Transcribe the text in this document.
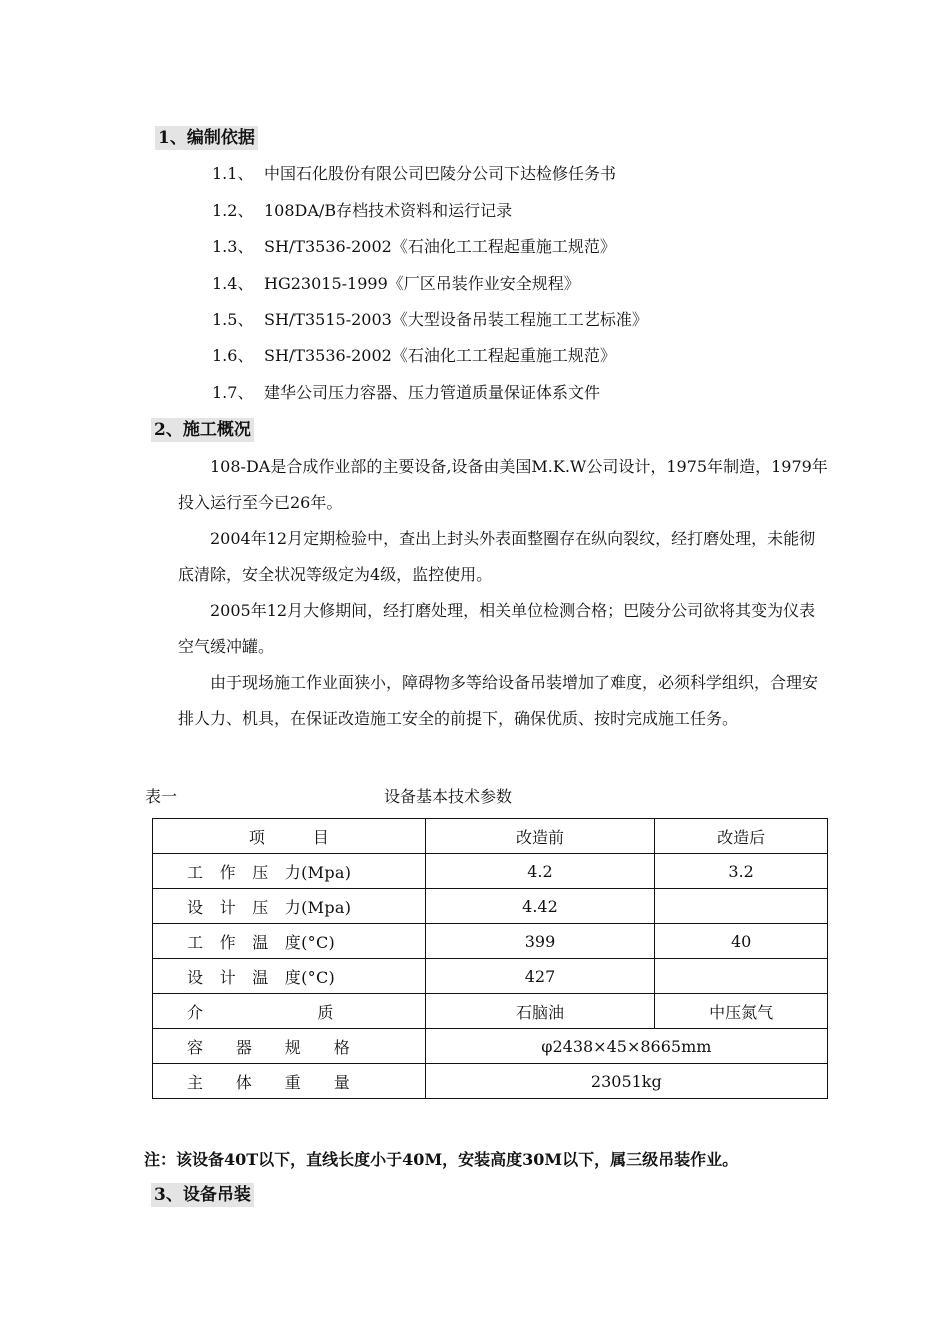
1、编制依据
1.1、 中国石化股份有限公司巴陵分公司下达检修任务书
1.2、 108DA/B存档技术资料和运行记录
1.3、 SH/T3536-2002《石油化工工程起重施工规范》
1.4、 HG23015-1999《厂区吊装作业安全规程》
1.5、 SH/T3515-2003《大型设备吊装工程施工工艺标准》
1.6、 SH/T3536-2002《石油化工工程起重施工规范》
1.7、 建华公司压力容器、压力管道质量保证体系文件
2、施工概况

108-DA是合成作业部的主要设备,设备由美国M.K.W公司设计，1975年制造，1979年投入运行至今已26年。

2004年12月定期检验中，查出上封头外表面整圈存在纵向裂纹，经打磨处理，未能彻底清除，安全状况等级定为4级，监控使用。

2005年12月大修期间，经打磨处理，相关单位检测合格；巴陵分公司欲将其变为仪表空气缓冲罐。

由于现场施工作业面狭小，障碍物多等给设备吊装增加了难度，必须科学组织，合理安排人力、机具，在保证改造施工安全的前提下，确保优质、按时完成施工任务。

表一	设备基本技术参数
项　　　目	改造前	改造后
工　作　压　力(Mpa)	4.2	3.2
设　计　压　力(Mpa)	4.42	
工　作　温　度(°C)	399	40
设　计　温　度(°C)	427	
介　　　　　　　质	石脑油	中压氮气
容　　器　　规　　格	φ2438×45×8665mm	
主　　体　　重　　量	23051kg	
注：该设备40T以下，直线长度小于40M，安装高度30M以下，属三级吊装作业。
3、设备吊装
